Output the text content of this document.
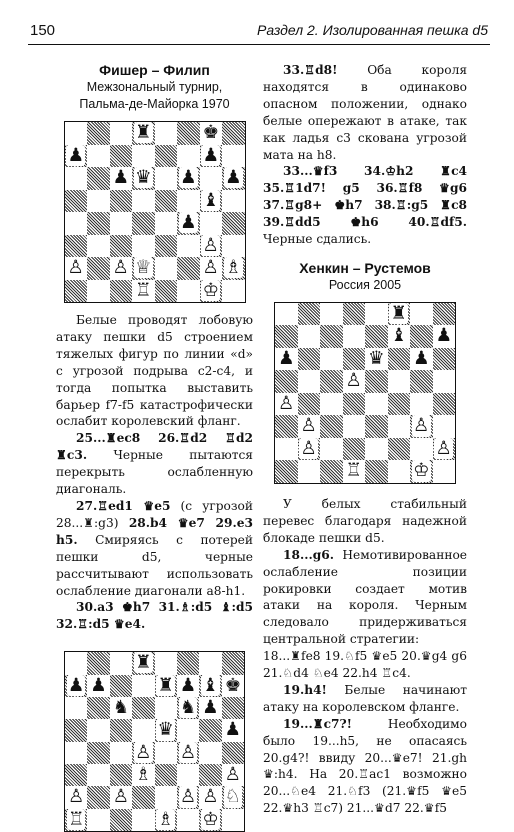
150	Раздел 2. Изолированная пешка d5

Фишер – Филип

Межзональный турнир,

Пальма-де-Майорка 1970

♜	♚
♟	♟
♟ ♛ ♟ ♟
♝
♟
♙
♙ ♙ ♕	♙ ♗
♖	♔

Белые проводят лобовую атаку пешки d5 строением тяжелых фигур по линии «d» с угрозой подрыва c2-c4, и тогда попытка выставить барьер f7-f5 катастрофически ослабит королевский фланг.

25...♜ec8 26.♖d2 ♖d2 ♜c3. Черные пытаются перекрыть ослабленную диагональ.

27.♖ed1 ♛e5 (с угрозой 28...♜:g3) 28.b4 ♛e7 29.e3 h5. Смиряясь с потерей пешки d5, черные рассчитывают использовать ослабление диагонали a8-h1.

30.a3 ♚h7 31.♗:d5 ♝:d5 32.♖:d5 ♛e4.

♜
♟ ♟	♜ ♟ ♝ ♚
♞	♞ ♟
♛	♟
♙ ♙
♗	♙
♙ ♙	♙ ♙ ♘
♖	♗ ♔

33.♖d8! Оба короля находятся в одинаково опасном положении, однако белые опережают в атаке, так как ладья c3 скована угрозой мата на h8.

33...♛f3 34.♔h2 ♜c4 35.♖1d7! g5 36.♖f8 ♛g6 37.♖g8+ ♚h7 38.♖:g5 ♜c8 39.♖dd5 ♚h6 40.♖df5. Черные сдались.

Хенкин – Рустемов

Россия 2005

♜
♝ ♟
♟	♛ ♟
♙
♙
♙	♙
♙	♙
♖	♔

У белых стабильный перевес благодаря надежной блокаде пешки d5.

18...g6. Немотивированное ослабление позиции рокировки создает мотив атаки на короля. Черным следовало придерживаться центральной стратегии:

18...♜fe8 19.♘f5 ♛e5 20.♛g4 g6 21.♘d4 ♘e4 22.h4 ♖c4.

19.h4! Белые начинают атаку на королевском фланге.

19...♜c7?!	Необходимо было 19...h5, не опасаясь 20.g4?! ввиду 20...♛e7! 21.gh ♛:h4. На 20.♖ac1 возможно 20...♘e4 21.♘f3 (21.♛f5 ♛e5 22.♛h3 ♖c7) 21...♛d7 22.♛f5
